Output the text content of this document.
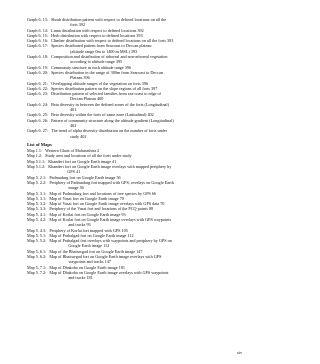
Graph 6. 13: Shrub distribution pattern with respect to defined locations on all the
forts 392
Graph 6. 14: Liana distribution with respect to defined locations 392
Graph 6. 15: Herb distribution with respect to defined locations 393
Graph 6. 16: Climber distribution with respect to defined locations on all the forts 393
Graph 6. 17: Species distributed pattern from Seacoast to Deccan plateau
(altitude range 0m to 1400 m MSL) 393
Graph 6. 18: Composition and distribution of arboreal and non-arboreal vegetation
according to altitude range 395
Graph 6. 19: Community structure in each altitude range 396
Graph 6. 20: Species distribution in the range of 300m from Seacoast to Deccan
Plateau 396
Graph 6. 21: Overlapping altitude ranges of the vegetation on forts 396
Graph 6. 22: Species distribution pattern on the slope regions of all forts 397
Graph 6. 23: Distribution pattern of selected families from sea-coast to edge of
Deccan Plateau 400
Graph 6. 24: Beta diversity in between the defined zones of the forts (Longitudinal)
401
Graph 6. 25: Beta diversity within the forts of same zone (Latitudinal) 402
Graph 6. 26: Pattern of community structure along the altitude gradient (Longitudinal)
402
Graph 6. 27: The trend of alpha diversity distribution on the number of forts under
study 402
List of Maps
Map 1.1: Western Ghats of Maharashtra 2
Map 1.2: Study area and locations of all the forts under study
Map 5.1.1: Khanderi fort on Google Earth image 41
Map 5.1.2: Khanderi fort on Google Earth image overlays with mapped periphery by
GPS 41
Map 5. 2.1: Padmadurg fort on Google Earth image 56
Map 5. 2.2: Periphery of Padmadurg fort mapped with GPS, overlays on Google Earth
image 56
Map 5. 3.1: Map of Padmadurg fort and locations of tree species by GPS 66
Map 5. 3.1: Map of Vasai fort on Google Earth image 70
Map 5. 3.2: Map of Vasai fort on Google Earth image overlays with GPS data 70
Map 5. 3.3: Periphery of the Vasai fort and locations of the PCQ points 88
Map 5. 4.1: Map of Korlai fort on Google Earth image 93
Map 5. 4.2: Map of Korlai fort on Google Earth image overlays with GPS waypoints
and tracks 93
Map 5. 4.3: Periphery of Korlai fort mapped with GPS 105
Map 5. 5.1: Map of Prabalgad fort on Google Earth image 112
Map 5. 5.2: Map of Prabalgad fort overlays with waypoints and periphery by GPS on
Google Earth image 112
Map 5. 6.1: Map of the Bhairavgad fort on Google Earth image 147
Map 5. 6.2: Map of Bhairavgad fort on Google Earth image overlays with GPS
waypoints and tracks 147
Map 5. 7.1: Map of Dhakoba on Google Earth image 181
Map 5. 7.2: Map of Dhakoba on Google Earth image overlays with GPS waypoints
and tracks 181
xiv
